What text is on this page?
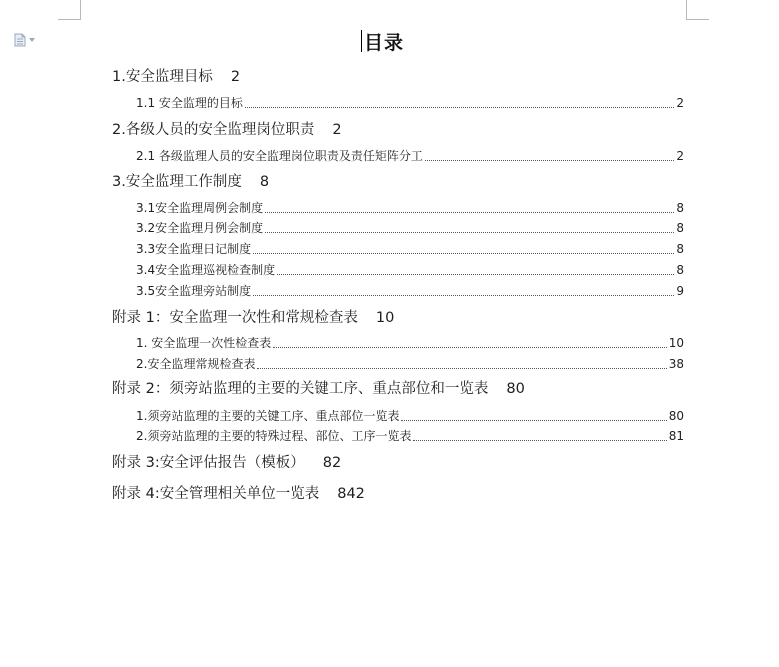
目录
1.安全监理目标 2
1.1 安全监理的目标	2
2.各级人员的安全监理岗位职责 2
2.1 各级监理人员的安全监理岗位职责及责任矩阵分工	2
3.安全监理工作制度 8
3.1安全监理周例会制度	8
3.2安全监理月例会制度	8
3.3安全监理日记制度	8
3.4安全监理巡视检查制度	8
3.5安全监理旁站制度	9
附录 1：安全监理一次性和常规检查表 10
1. 安全监理一次性检查表	10
2.安全监理常规检查表	38
附录 2：须旁站监理的主要的关键工序、重点部位和一览表 80
1.须旁站监理的主要的关键工序、重点部位一览表	80
2.须旁站监理的主要的特殊过程、部位、工序一览表	81
附录 3:安全评估报告（模板） 82
附录 4:安全管理相关单位一览表 842
